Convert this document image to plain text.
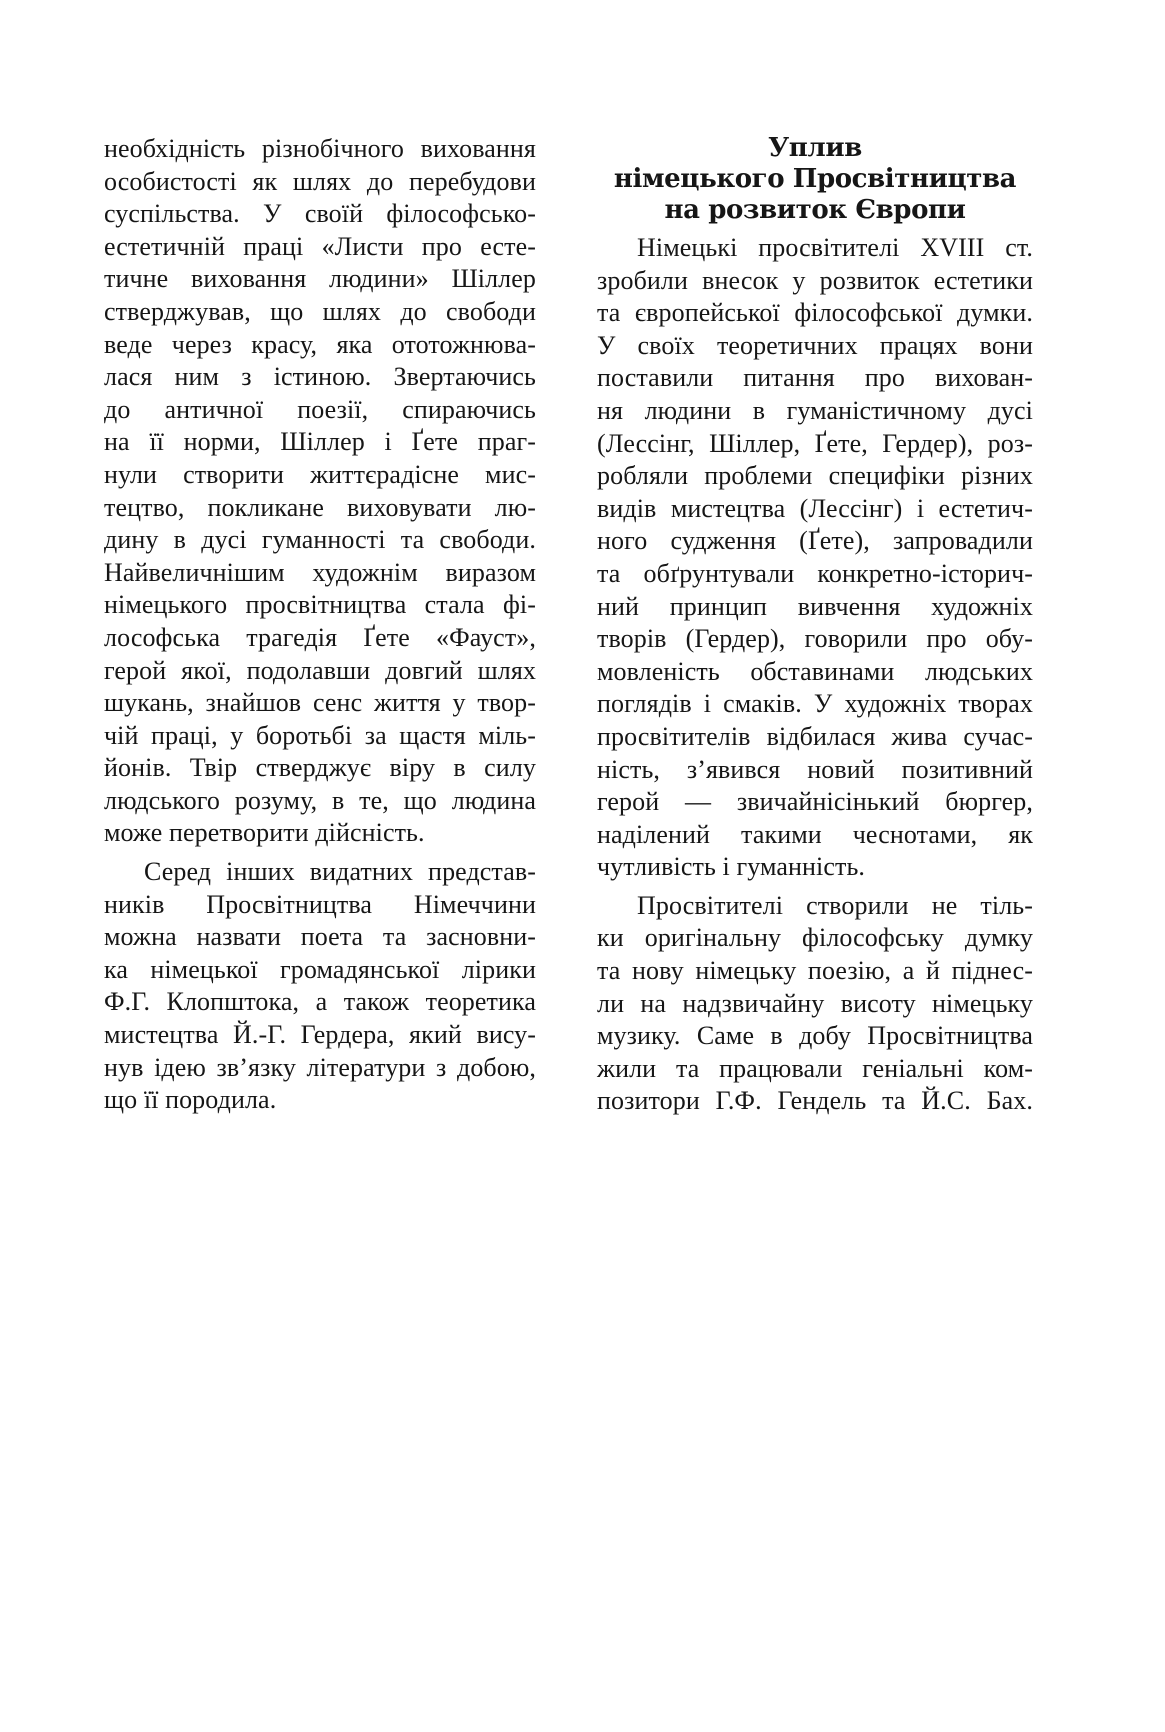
необхідність різнобічного виховання
особистості як шлях до перебудови
суспільства. У своїй філософсько-
естетичній праці «Листи про есте-
тичне виховання людини» Шіллер
стверджував, що шлях до свободи
веде через красу, яка ототожнюва-
лася ним з істиною. Звертаючись
до античної поезії, спираючись
на її норми, Шіллер і Ґете праг-
нули створити життєрадісне мис-
тецтво, покликане виховувати лю-
дину в дусі гуманності та свободи.
Найвеличнішим художнім виразом
німецького просвітництва стала фі-
лософська трагедія Ґете «Фауст»,
герой якої, подолавши довгий шлях
шукань, знайшов сенс життя у твор-
чій праці, у боротьбі за щастя міль-
йонів. Твір стверджує віру в силу
людського розуму, в те, що людина
може перетворити дійсність.
Серед інших видатних представ-
ників Просвітництва Німеччини
можна назвати поета та засновни-
ка німецької громадянської лірики
Ф.Г. Клопштока, а також теоретика
мистецтва Й.-Г. Гердера, який вису-
нув ідею зв’язку літератури з добою,
що її породила.
Уплив
німецького Просвітництва
на розвиток Європи
Німецькі просвітителі XVIII ст.
зробили внесок у розвиток естетики
та європейської філософської думки.
У своїх теоретичних працях вони
поставили питання про вихован-
ня людини в гуманістичному дусі
(Лессінг, Шіллер, Ґете, Гердер), роз-
робляли проблеми специфіки різних
видів мистецтва (Лессінг) і естетич-
ного судження (Ґете), запровадили
та обґрунтували конкретно-історич-
ний принцип вивчення художніх
творів (Гердер), говорили про обу-
мовленість обставинами людських
поглядів і смаків. У художніх творах
просвітителів відбилася жива сучас-
ність, з’явився новий позитивний
герой — звичайнісінький бюргер,
наділений такими чеснотами, як
чутливість і гуманність.
Просвітителі створили не тіль-
ки оригінальну філософську думку
та нову німецьку поезію, а й піднес-
ли на надзвичайну висоту німецьку
музику. Саме в добу Просвітництва
жили та працювали геніальні ком-
позитори Г.Ф. Гендель та Й.С. Бах.
